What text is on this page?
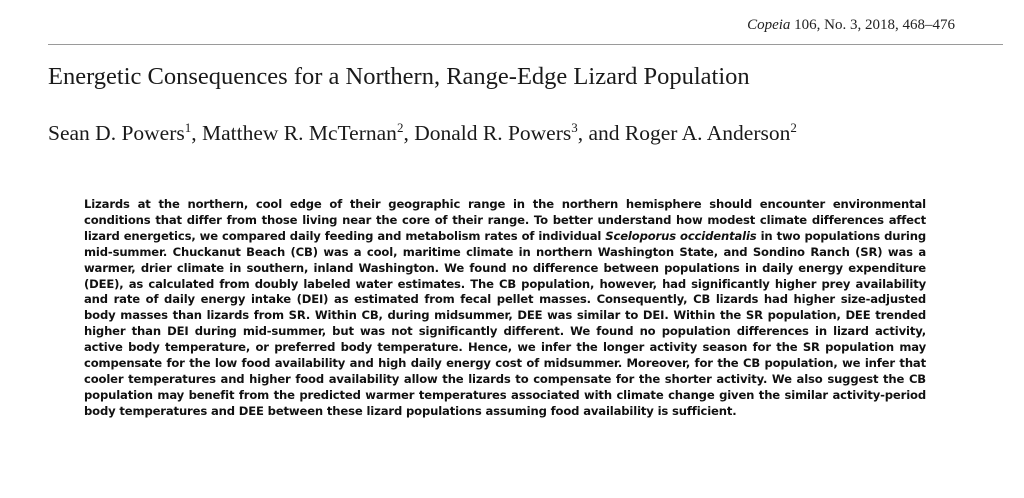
Copeia 106, No. 3, 2018, 468–476
Energetic Consequences for a Northern, Range-Edge Lizard Population

Sean D. Powers$^1$, Matthew R. McTernan$^2$, Donald R. Powers$^3$, and Roger A. Anderson$^2$

Lizards at the northern, cool edge of their geographic range in the northern hemisphere should encounter environmental conditions that differ from those living near the core of their range. To better understand how modest climate differences affect lizard energetics, we compared daily feeding and metabolism rates of individual Sceloporus occidentalis in two populations during mid-summer. Chuckanut Beach (CB) was a cool, maritime climate in northern Washington State, and Sondino Ranch (SR) was a warmer, drier climate in southern, inland Washington. We found no difference between populations in daily energy expenditure (DEE), as calculated from doubly labeled water estimates. The CB population, however, had significantly higher prey availability and rate of daily energy intake (DEI) as estimated from fecal pellet masses. Consequently, CB lizards had higher size-adjusted body masses than lizards from SR. Within CB, during midsummer, DEE was similar to DEI. Within the SR population, DEE trended higher than DEI during mid-summer, but was not significantly different. We found no population differences in lizard activity, active body temperature, or preferred body temperature. Hence, we infer the longer activity season for the SR population may compensate for the low food availability and high daily energy cost of midsummer. Moreover, for the CB population, we infer that cooler temperatures and higher food availability allow the lizards to compensate for the shorter activity. We also suggest the CB population may benefit from the predicted warmer temperatures associated with climate change given the similar activity-period body temperatures and DEE between these lizard populations assuming food availability is sufficient.
